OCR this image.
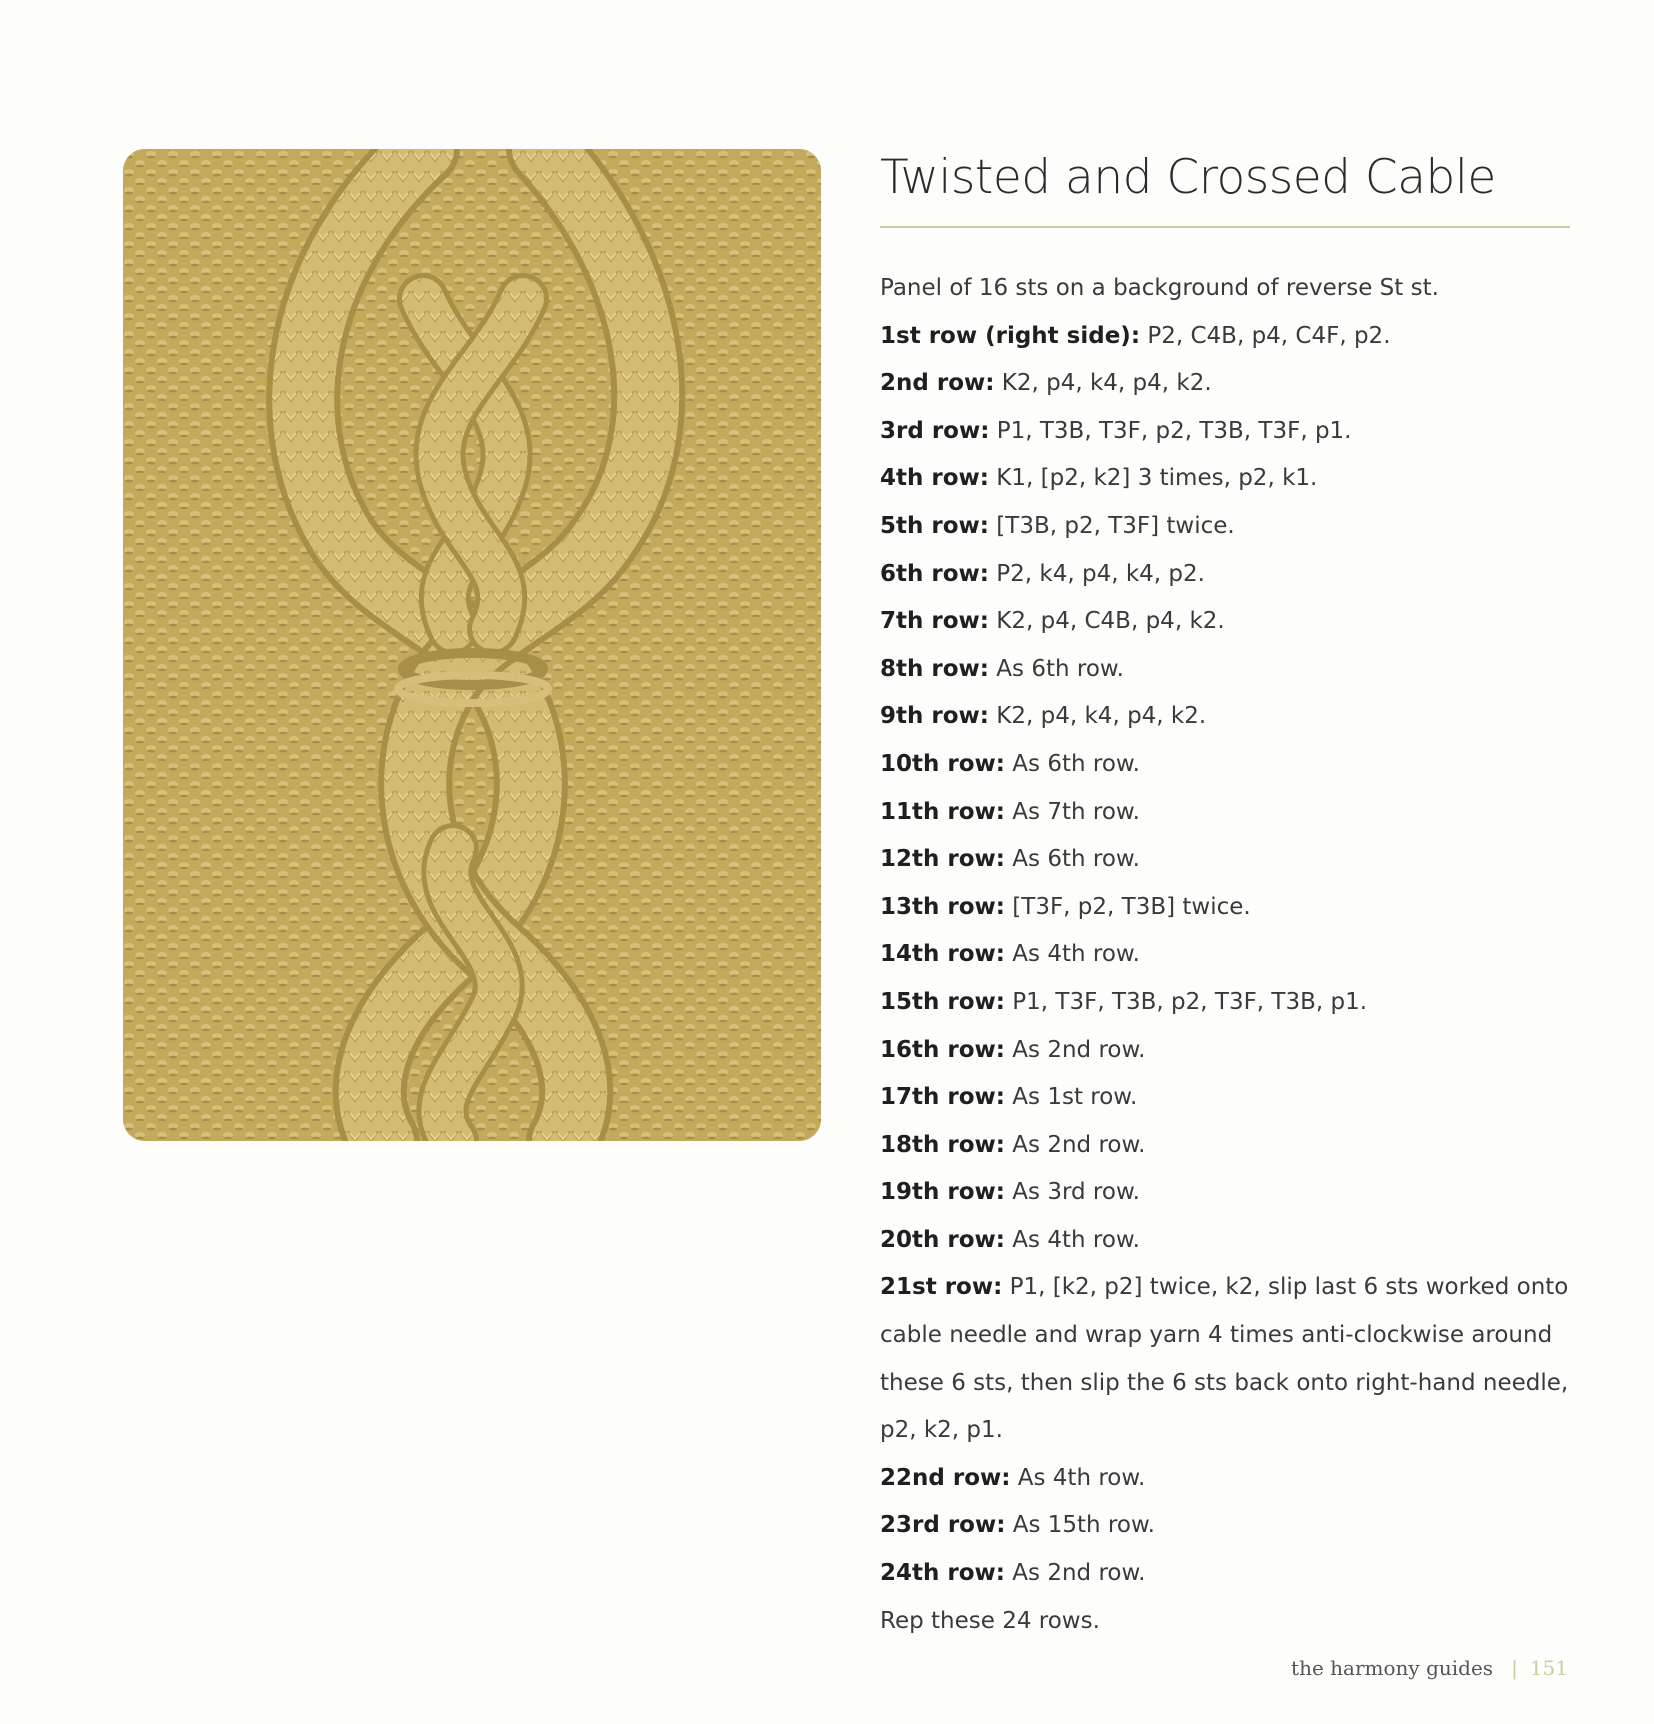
Twisted and Crossed Cable
Panel of 16 sts on a background of reverse St st.
1st row (right side): P2, C4B, p4, C4F, p2.
2nd row: K2, p4, k4, p4, k2.
3rd row: P1, T3B, T3F, p2, T3B, T3F, p1.
4th row: K1, [p2, k2] 3 times, p2, k1.
5th row: [T3B, p2, T3F] twice.
6th row: P2, k4, p4, k4, p2.
7th row: K2, p4, C4B, p4, k2.
8th row: As 6th row.
9th row: K2, p4, k4, p4, k2.
10th row: As 6th row.
11th row: As 7th row.
12th row: As 6th row.
13th row: [T3F, p2, T3B] twice.
14th row: As 4th row.
15th row: P1, T3F, T3B, p2, T3F, T3B, p1.
16th row: As 2nd row.
17th row: As 1st row.
18th row: As 2nd row.
19th row: As 3rd row.
20th row: As 4th row.
21st row: P1, [k2, p2] twice, k2, slip last 6 sts worked onto cable needle and wrap yarn 4 times anti-clockwise around these 6 sts, then slip the 6 sts back onto right-hand needle, p2, k2, p1.
22nd row: As 4th row.
23rd row: As 15th row.
24th row: As 2nd row.
Rep these 24 rows.
the harmony guides | 151
